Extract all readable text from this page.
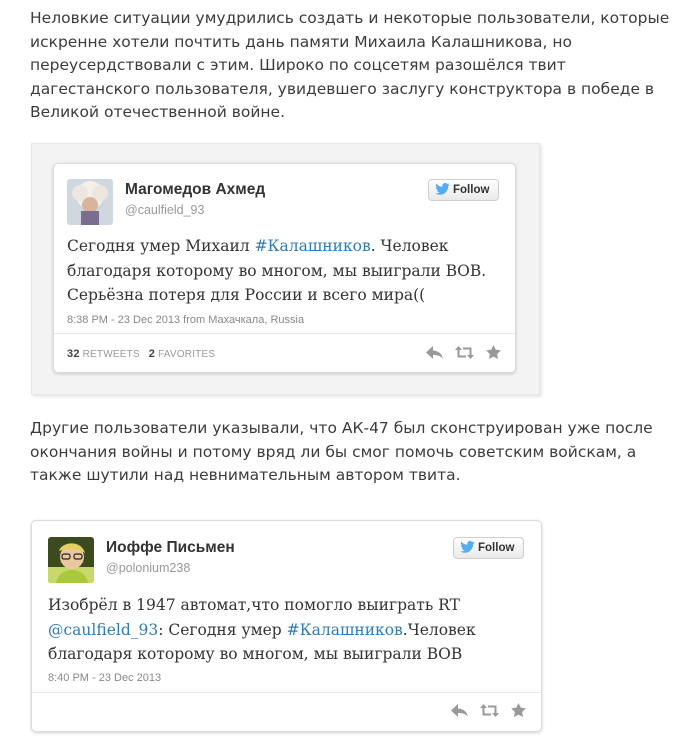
Неловкие ситуации умудрились создать и некоторые пользователи, которые искренне хотели почтить дань памяти Михаила Калашникова, но переусердствовали с этим. Широко по соцсетям разошёлся твит дагестанского пользователя, увидевшего заслугу конструктора в победе в Великой отечественной войне.

Магомедов Ахмед
@caulfield_93
Follow

Сегодня умер Михаил #Калашников. Человек благодаря которому во многом, мы выиграли ВОВ. Серьёзна потеря для России и всего мира((

8:38 PM - 23 Dec 2013 from Махачкала, Russia
32 RETWEETS 2 FAVORITES

Другие пользователи указывали, что АК-47 был сконструирован уже после окончания войны и потому вряд ли бы смог помочь советским войскам, а также шутили над невнимательным автором твита.

Иоффе Письмен
@polonium238
Follow

Изобрёл в 1947 автомат,что помогло выиграть RT @caulfield_93: Сегодня умер #Калашников.Человек благодаря которому во многом, мы выиграли ВОВ

8:40 PM - 23 Dec 2013
